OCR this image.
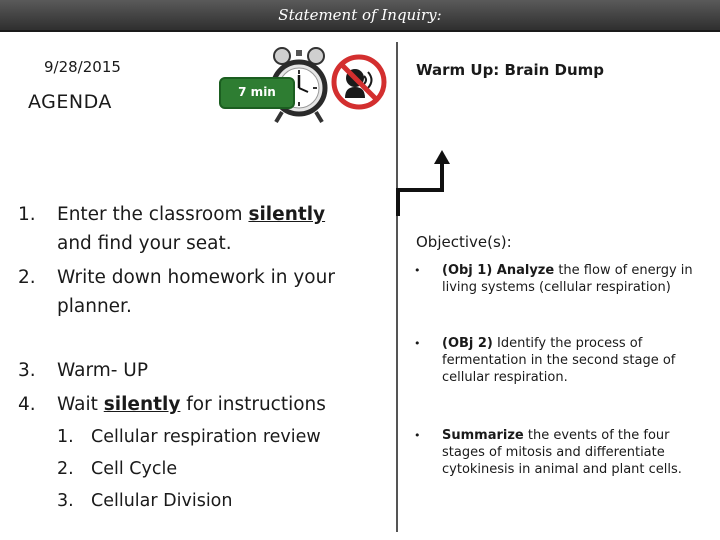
Statement of Inquiry:
9/28/2015
AGENDA	7 min
1. Enter the classroom silently
and find your seat.
2. Write down homework in your
planner.
3. Warm- UP
4. Wait silently for instructions
1. Cellular respiration review
2. Cell Cycle
3. Cellular Division
Warm Up: Brain Dump
Objective(s):
• (Obj 1) Analyze the flow of energy in living systems (cellular respiration)
• (OBj 2) Identify the process of fermentation in the second stage of cellular respiration.
• Summarize the events of the four stages of mitosis and differentiate cytokinesis in animal and plant cells.
